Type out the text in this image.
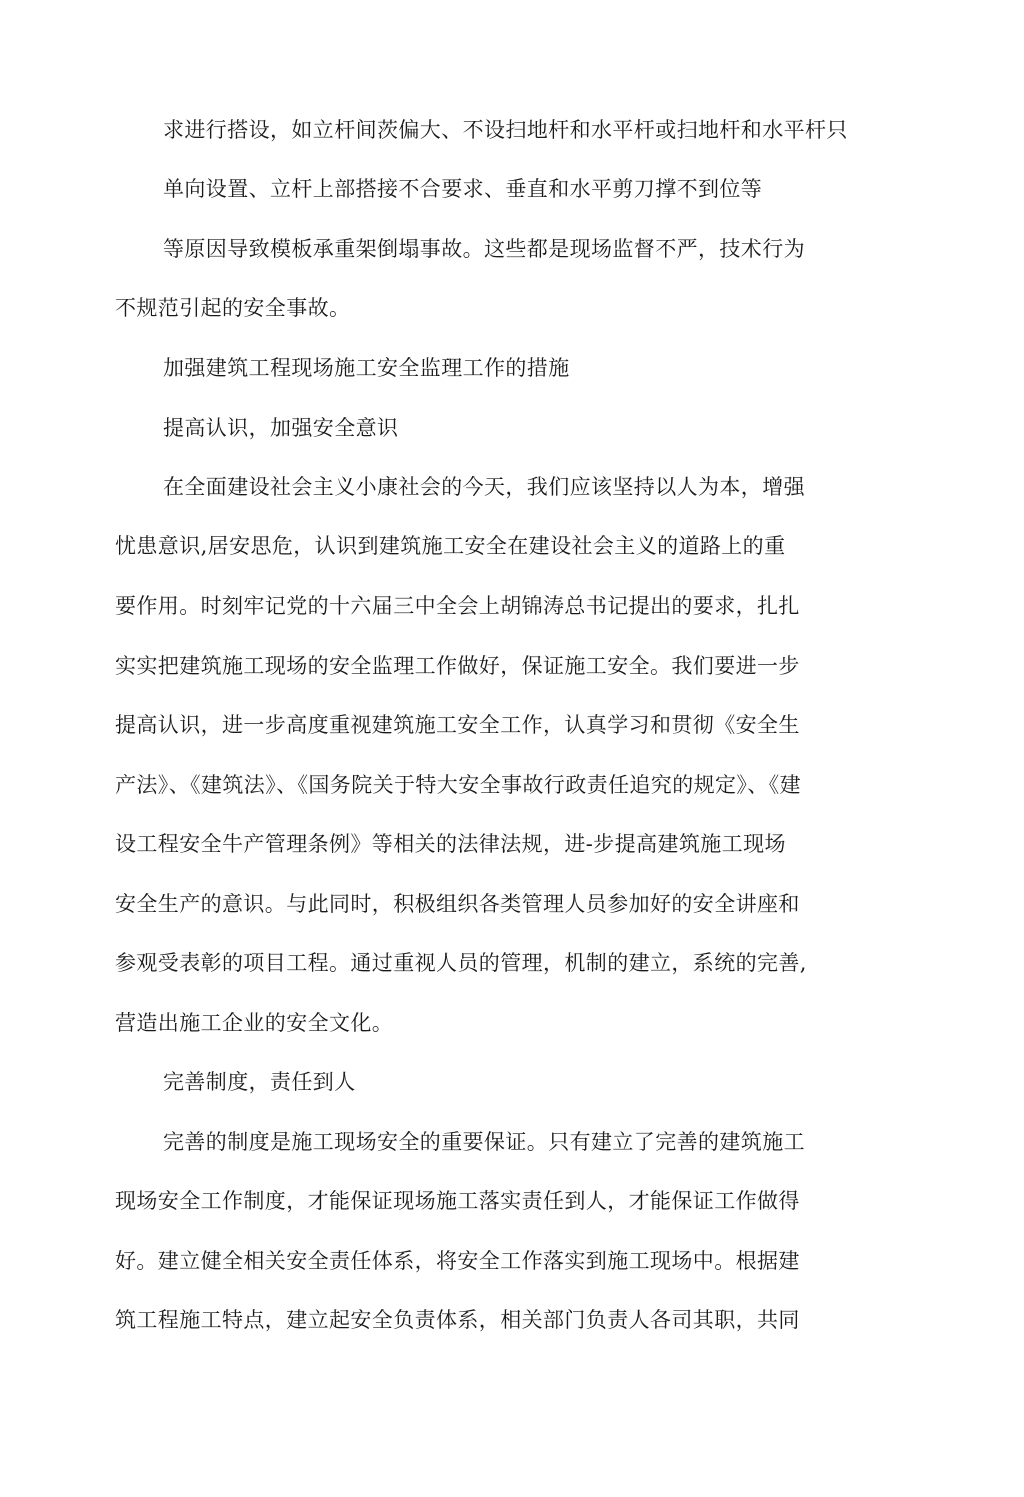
求进行搭设，如立杆间茨偏大、不设扫地杆和水平杆或扫地杆和水平杆只
单向设置、立杆上部搭接不合要求、垂直和水平剪刀撑不到位等
等原因导致模板承重架倒塌事故。这些都是现场监督不严，技术行为
不规范引起的安全事故。
加强建筑工程现场施工安全监理工作的措施
提高认识，加强安全意识
在全面建设社会主义小康社会的今天，我们应该坚持以人为本，增强
忧患意识,居安思危，认识到建筑施工安全在建设社会主义的道路上的重
要作用。时刻牢记党的十六届三中全会上胡锦涛总书记提出的要求，扎扎
实实把建筑施工现场的安全监理工作做好，保证施工安全。我们要进一步
提高认识，进一步高度重视建筑施工安全工作，认真学习和贯彻《安全生
产法》、《建筑法》、《国务院关于特大安全事故行政责任追究的规定》、《建
设工程安全牛产管理条例》等相关的法律法规，进-步提高建筑施工现场
安全生产的意识。与此同时，积极组织各类管理人员参加好的安全讲座和
参观受表彰的项目工程。通过重视人员的管理，机制的建立，系统的完善,
营造出施工企业的安全文化。
完善制度，责任到人
完善的制度是施工现场安全的重要保证。只有建立了完善的建筑施工
现场安全工作制度，才能保证现场施工落实责任到人，才能保证工作做得
好。建立健全相关安全责任体系，将安全工作落实到施工现场中。根据建
筑工程施工特点，建立起安全负责体系，相关部门负责人各司其职，共同
